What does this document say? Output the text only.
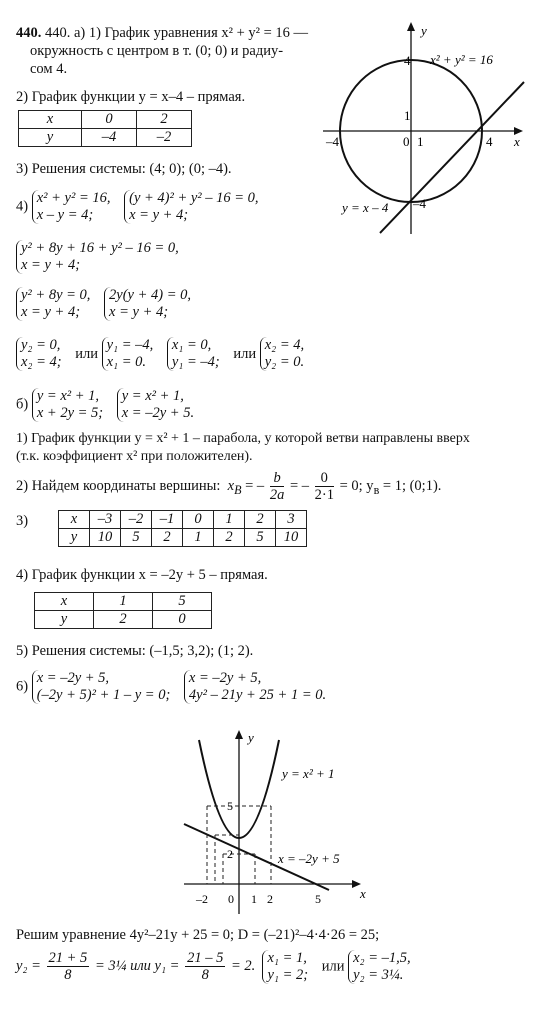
440. 440. а) 1) График уравнения x² + y² = 16 —
окружность с центром в т. (0; 0) и радиу-
сом 4.
2) График функции y = x–4 – прямая.
x	0	2
y	–4	–2
3) Решения системы: (4; 0); (0; –4).
4) x² + y² = 16,
x – y = 4; (y + 4)² + y² – 16 = 0,
x = y + 4;
y² + 8y + 16 + y² – 16 = 0,
x = y + 4;
y² + 8y = 0,
x = y + 4; 2y(y + 4) = 0,
x = y + 4;
y₂ = 0,
x₂ = 4; или y₁ = –4,
x₁ = 0. x₁ = 0,
y₁ = –4; или x₂ = 4,
y₂ = 0.
б) y = x² + 1,
x + 2y = 5; y = x² + 1,
x = –2y + 5.
y
x
x² + y² = 16
y = x – 4
4
1
–4	0 1	4
–4
1) График функции y = x² + 1 – парабола, у которой ветви направлены вверх
(т.к. коэффициент x² при положителен).
2) Найдем координаты вершины: $x_B$ = – $\frac{b}{2a}$ = – $\frac{0}{2\cdot 1} = 0$; $y_в = 1$; (0;1).
3)	x	–3	–2	–1	0	1	2	3
y	10	5	2	1	2	5	10
4) График функции x = –2y + 5 – прямая.
x	1	5
y	2	0
5) Решения системы: (–1,5; 3,2); (1; 2).
6) x = –2y + 5,
(–2y + 5)² + 1 – y = 0; x = –2y + 5,
4y² – 21y + 25 + 1 = 0.
y
x
y = x² + 1
x = –2y + 5
5
2
–2 0 1 2	5
Решим уравнение 4y²–21y + 25 = 0; D = (–21)²–4·4·26 = 25;
$y_2 = \frac{21 + 5}{8}$ = 3¼ или $y_1 = \frac{21 - 5}{8} = 2$.  x₁ = 1,
y₁ = 2; или x₂ = –1,5,
y₂ = 3¼.
